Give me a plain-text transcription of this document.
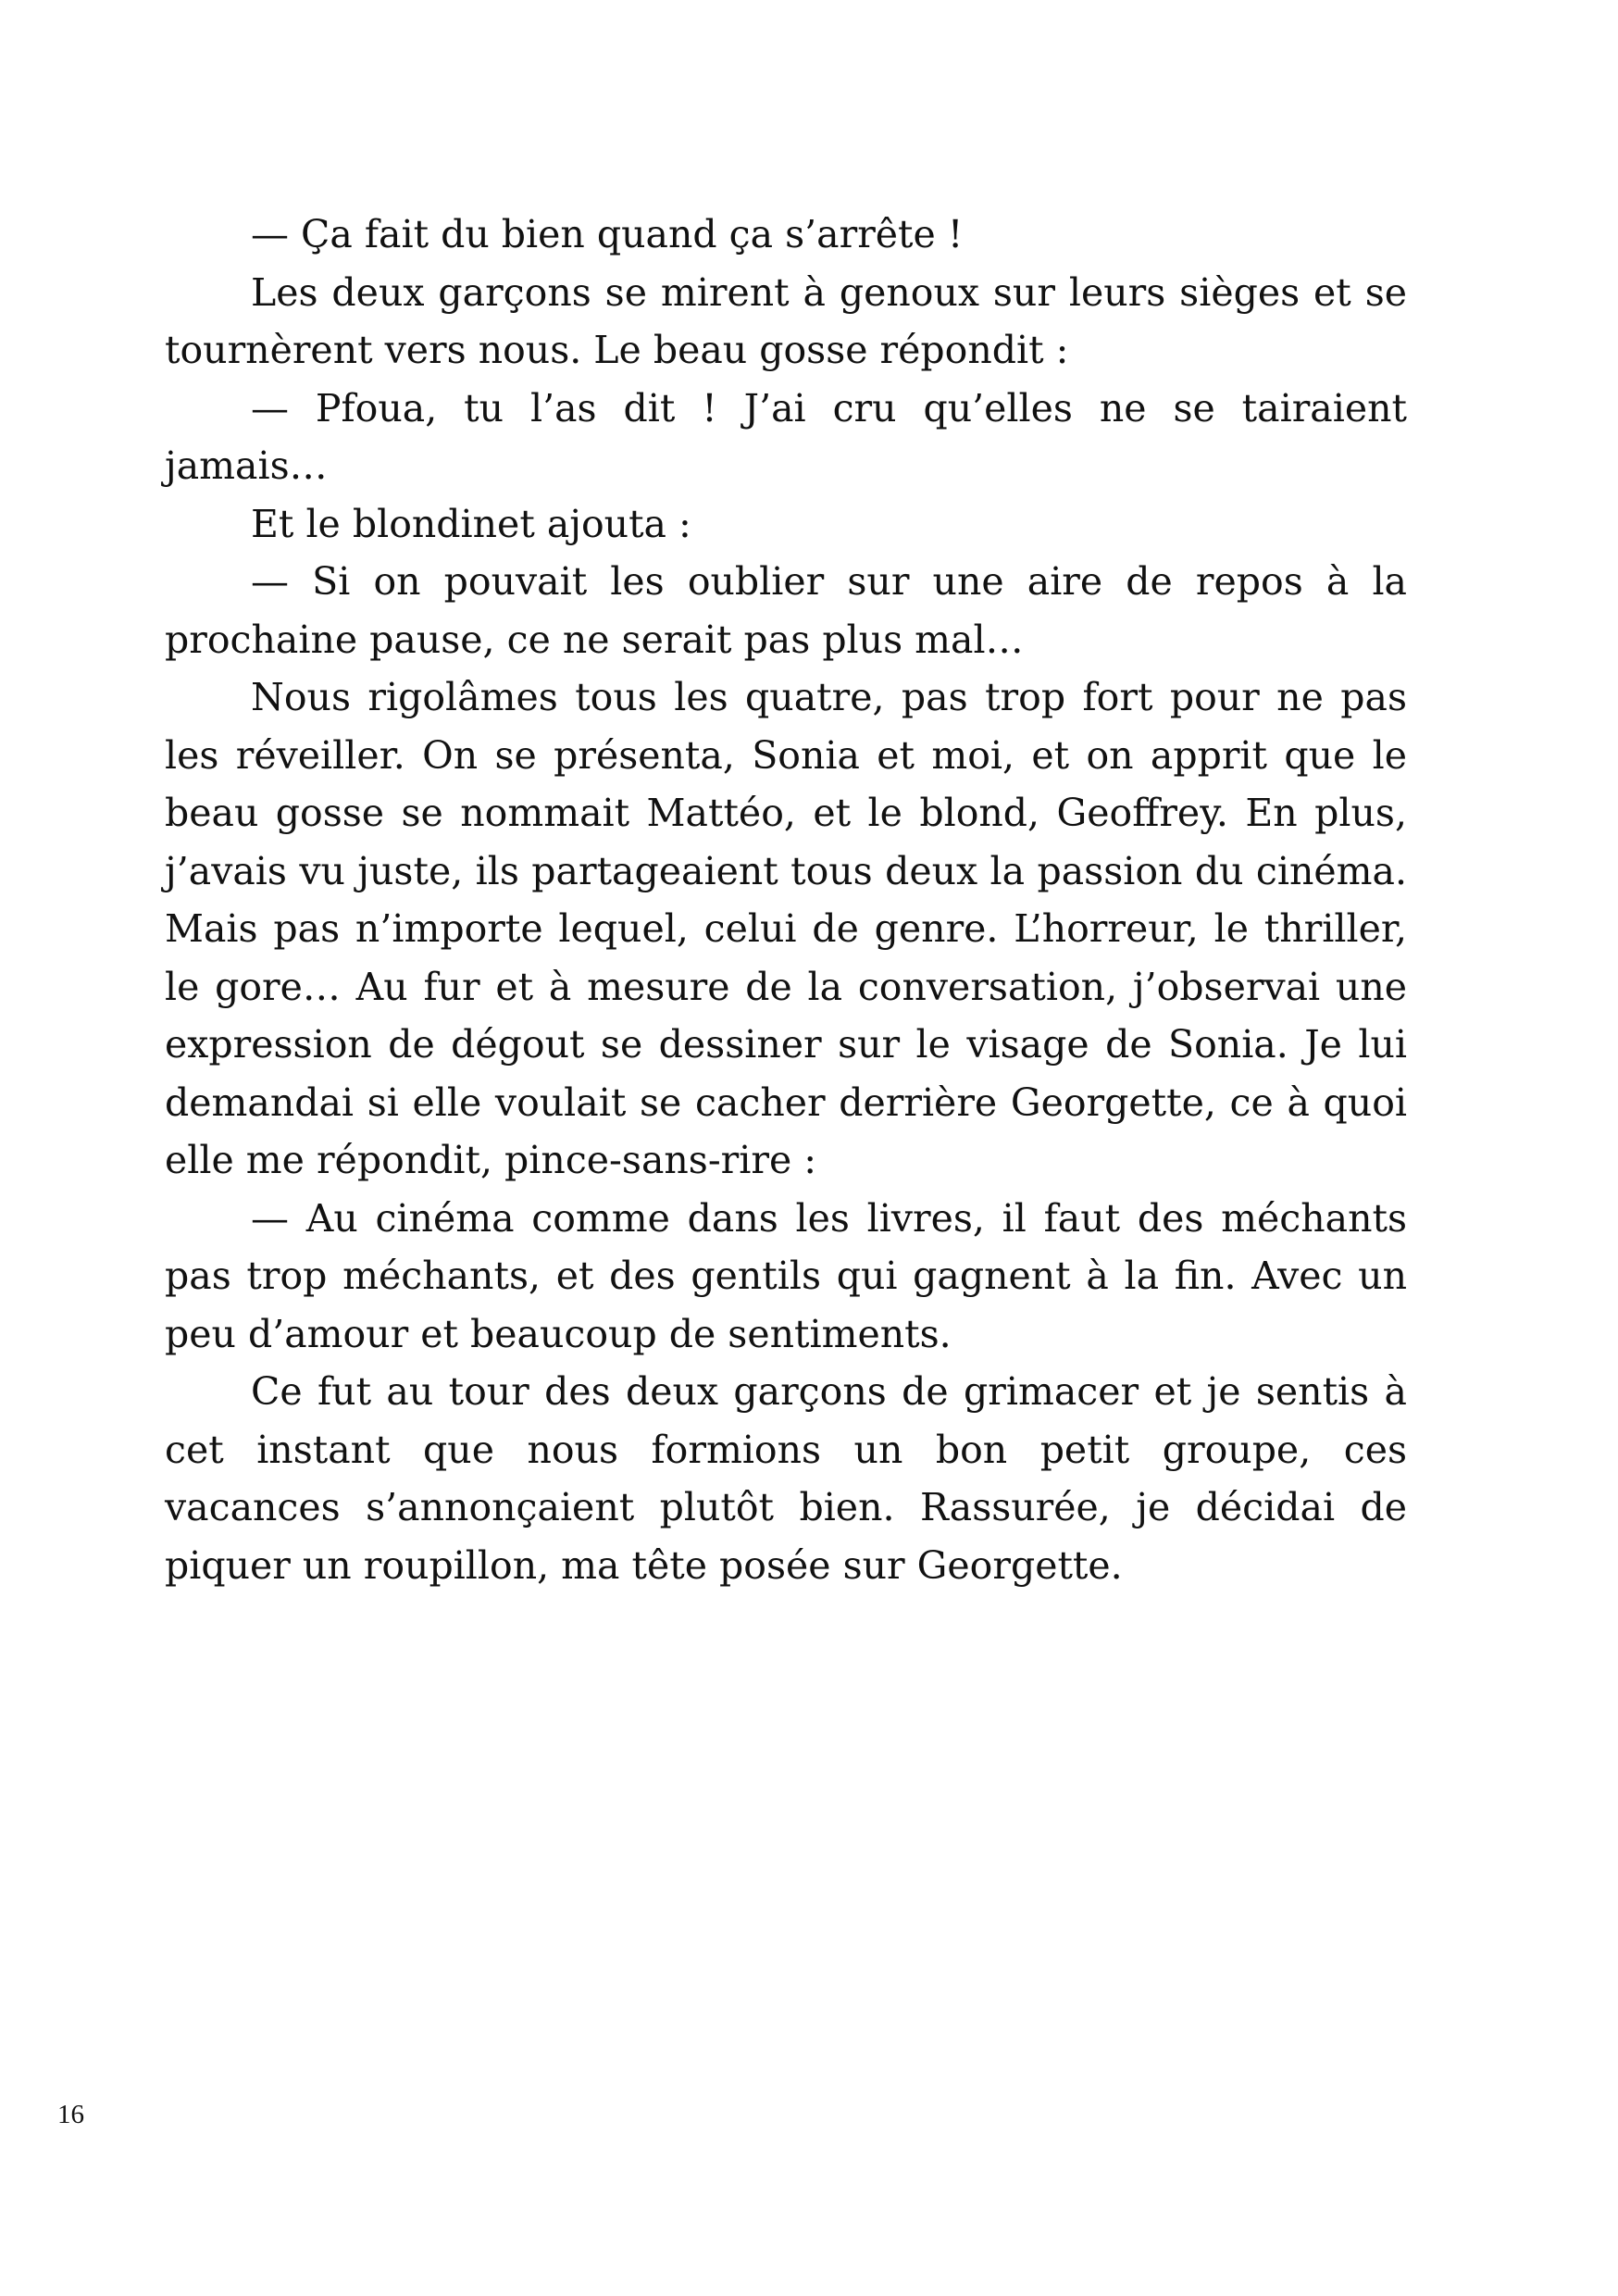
— Ça fait du bien quand ça s’arrête !

Les deux garçons se mirent à genoux sur leurs sièges et se tournèrent vers nous. Le beau gosse répondit :

— Pfoua, tu l’as dit ! J’ai cru qu’elles ne se tairaient jamais…

Et le blondinet ajouta :

— Si on pouvait les oublier sur une aire de repos à la prochaine pause, ce ne serait pas plus mal…

Nous rigolâmes tous les quatre, pas trop fort pour ne pas les réveiller. On se présenta, Sonia et moi, et on apprit que le beau gosse se nommait Mattéo, et le blond, Geoffrey. En plus, j’avais vu juste, ils partageaient tous deux la passion du cinéma. Mais pas n’importe lequel, celui de genre. L’horreur, le thriller, le gore… Au fur et à mesure de la conversation, j’observai une expression de dégout se dessiner sur le visage de Sonia. Je lui demandai si elle voulait se cacher derrière Georgette, ce à quoi elle me répondit, pince-sans-rire :

— Au cinéma comme dans les livres, il faut des méchants pas trop méchants, et des gentils qui gagnent à la fin. Avec un peu d’amour et beaucoup de sentiments.

Ce fut au tour des deux garçons de grimacer et je sentis à cet instant que nous formions un bon petit groupe, ces vacances s’annonçaient plutôt bien. Rassurée, je décidai de piquer un roupillon, ma tête posée sur Georgette.

16
